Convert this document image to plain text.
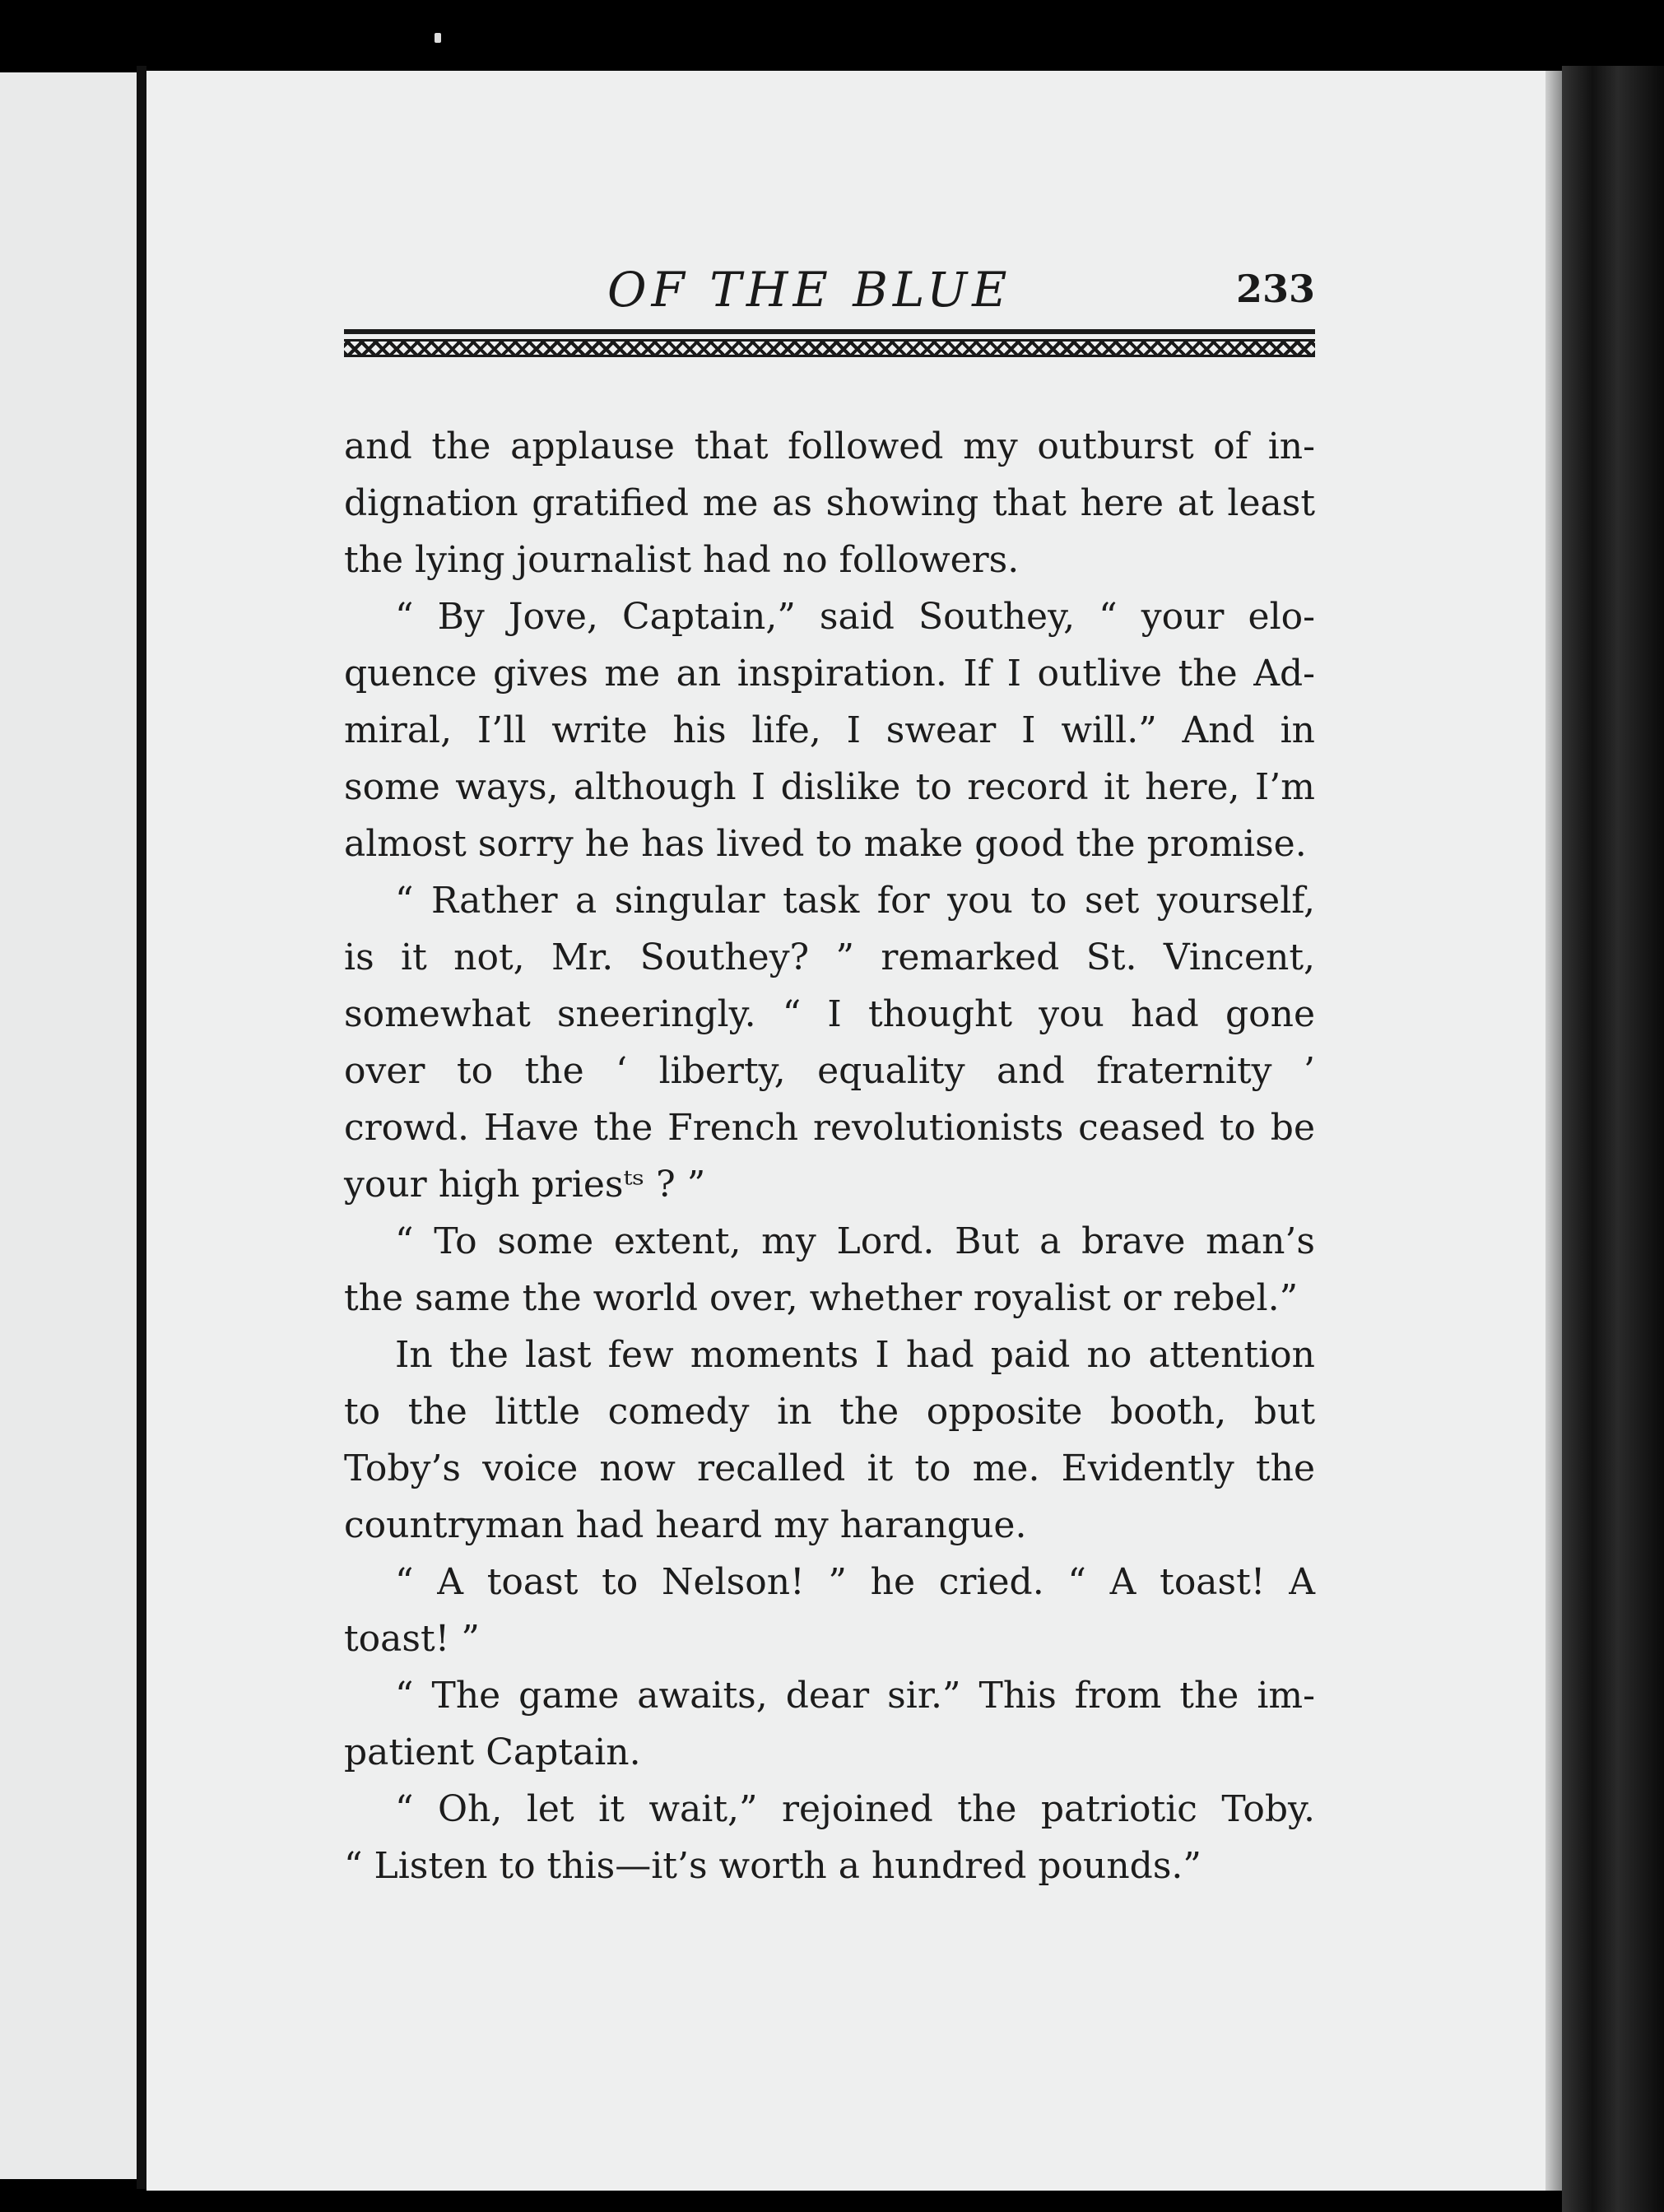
OF THE BLUE	233
and the applause that followed my outburst of in-
dignation gratified me as showing that here at least
the lying journalist had no followers.
“ By Jove, Captain,” said Southey, “ your elo-
quence gives me an inspiration. If I outlive the Ad-
miral, I’ll write his life, I swear I will.” And in
some ways, although I dislike to record it here, I’m
almost sorry he has lived to make good the promise.
“ Rather a singular task for you to set yourself,
is it not, Mr. Southey? ” remarked St. Vincent,
somewhat sneeringly. “ I thought you had gone
over to the ‘ liberty, equality and fraternity ’
crowd. Have the French revolutionists ceased to be
your high priesᵗˢ ? ”
“ To some extent, my Lord. But a brave man’s
the same the world over, whether royalist or rebel.”
In the last few moments I had paid no attention
to the little comedy in the opposite booth, but
Toby’s voice now recalled it to me. Evidently the
countryman had heard my harangue.
“ A toast to Nelson! ” he cried. “ A toast! A
toast! ”
“ The game awaits, dear sir.” This from the im-
patient Captain.
“ Oh, let it wait,” rejoined the patriotic Toby.
“ Listen to this—it’s worth a hundred pounds.”
